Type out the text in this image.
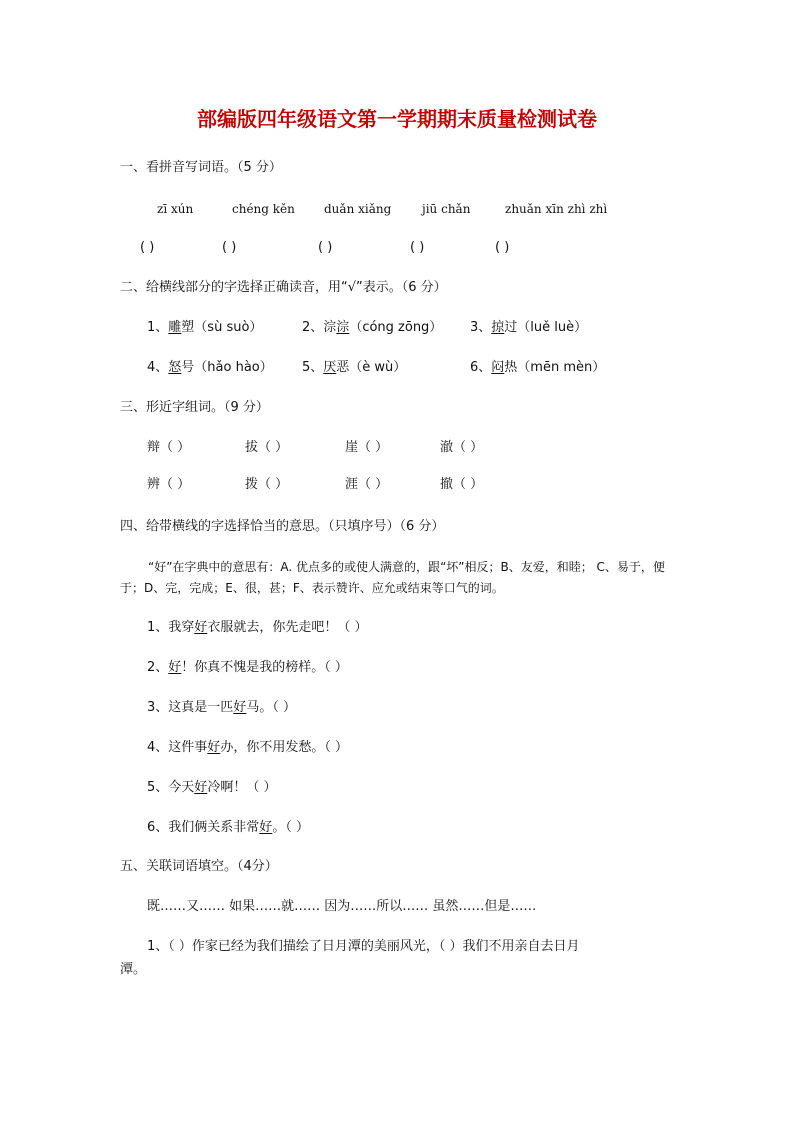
部编版四年级语文第一学期期末质量检测试卷
一、看拼音写词语。（5 分）
zī xún	chéng kěn duǎn xiǎng	jiū chǎn	zhuǎn xīn zhì zhì
( )	( )	( )	( )	( )
二、给横线部分的字选择正确读音，用“√”表示。（6 分）
1、雕塑（sù suò）	2、淙淙（cóng zōng） 3、掠过（luě luè）
4、怒号（hǎo hào） 5、厌恶（è wù）	6、闷热（mēn mèn）
三、形近字组词。（9 分）
辩（ ）	拔（ ）	崖（ ）	澈（ ）
辨（ ）	拨（ ）	涯（ ）	撤（ ）
四、给带横线的字选择恰当的意思。（只填序号）（6 分）
“好”在字典中的意思有：A. 优点多的或使人满意的，跟“坏”相反；B、友爱，和睦； C、易于，便于；D、完，完成；E、很，甚；F、表示赞许、应允或结束等口气的词。
1、我穿好衣服就去，你先走吧！（ ）
2、好！你真不愧是我的榜样。（ ）
3、这真是一匹好马。（ ）
4、这件事好办，你不用发愁。（ ）
5、今天好冷啊！（ ）
6、我们俩关系非常好。（ ）
五、关联词语填空。（4分）
既……又…… 如果……就…… 因为……所以…… 虽然……但是……
1、（ ）作家已经为我们描绘了日月潭的美丽风光，（ ）我们不用亲自去日月
潭。
